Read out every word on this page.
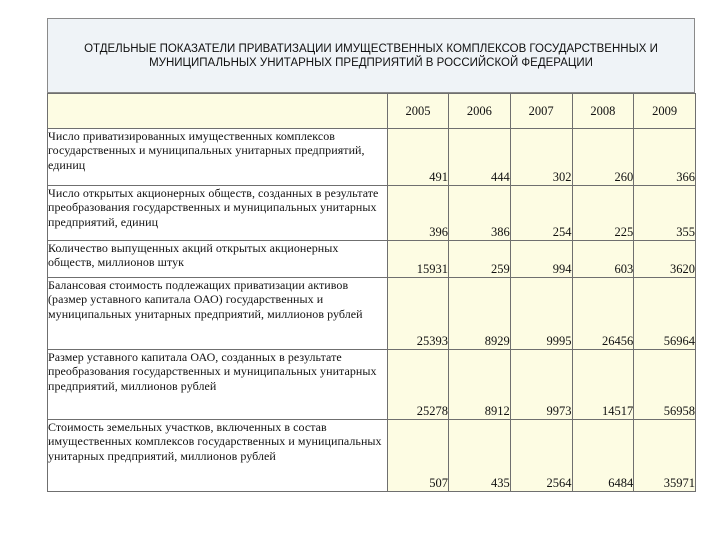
ОТДЕЛЬНЫЕ ПОКАЗАТЕЛИ ПРИВАТИЗАЦИИ ИМУЩЕСТВЕННЫХ КОМПЛЕКСОВ ГОСУДАРСТВЕННЫХ И
МУНИЦИПАЛЬНЫХ УНИТАРНЫХ ПРЕДПРИЯТИЙ В РОССИЙСКОЙ ФЕДЕРАЦИИ
	2005	2006	2007	2008	2009
Число приватизированных имущественных комплексов государственных и муниципальных унитарных предприятий, единиц	491	444	302	260	366
Число открытых акционерных обществ, созданных в результате преобразования государственных и муниципальных унитарных предприятий, единиц	396	386	254	225	355
Количество выпущенных акций открытых акционерных обществ, миллионов штук	15931	259	994	603	3620
Балансовая стоимость подлежащих приватизации активов (размер уставного капитала ОАО) государственных и муниципальных унитарных предприятий, миллионов рублей	25393	8929	9995	26456	56964
Размер уставного капитала ОАО, созданных в результате преобразования государственных и муниципальных унитарных предприятий, миллионов рублей	25278	8912	9973	14517	56958
Стоимость земельных участков, включенных в состав имущественных комплексов государственных и муниципальных унитарных предприятий, миллионов рублей	507	435	2564	6484	35971
